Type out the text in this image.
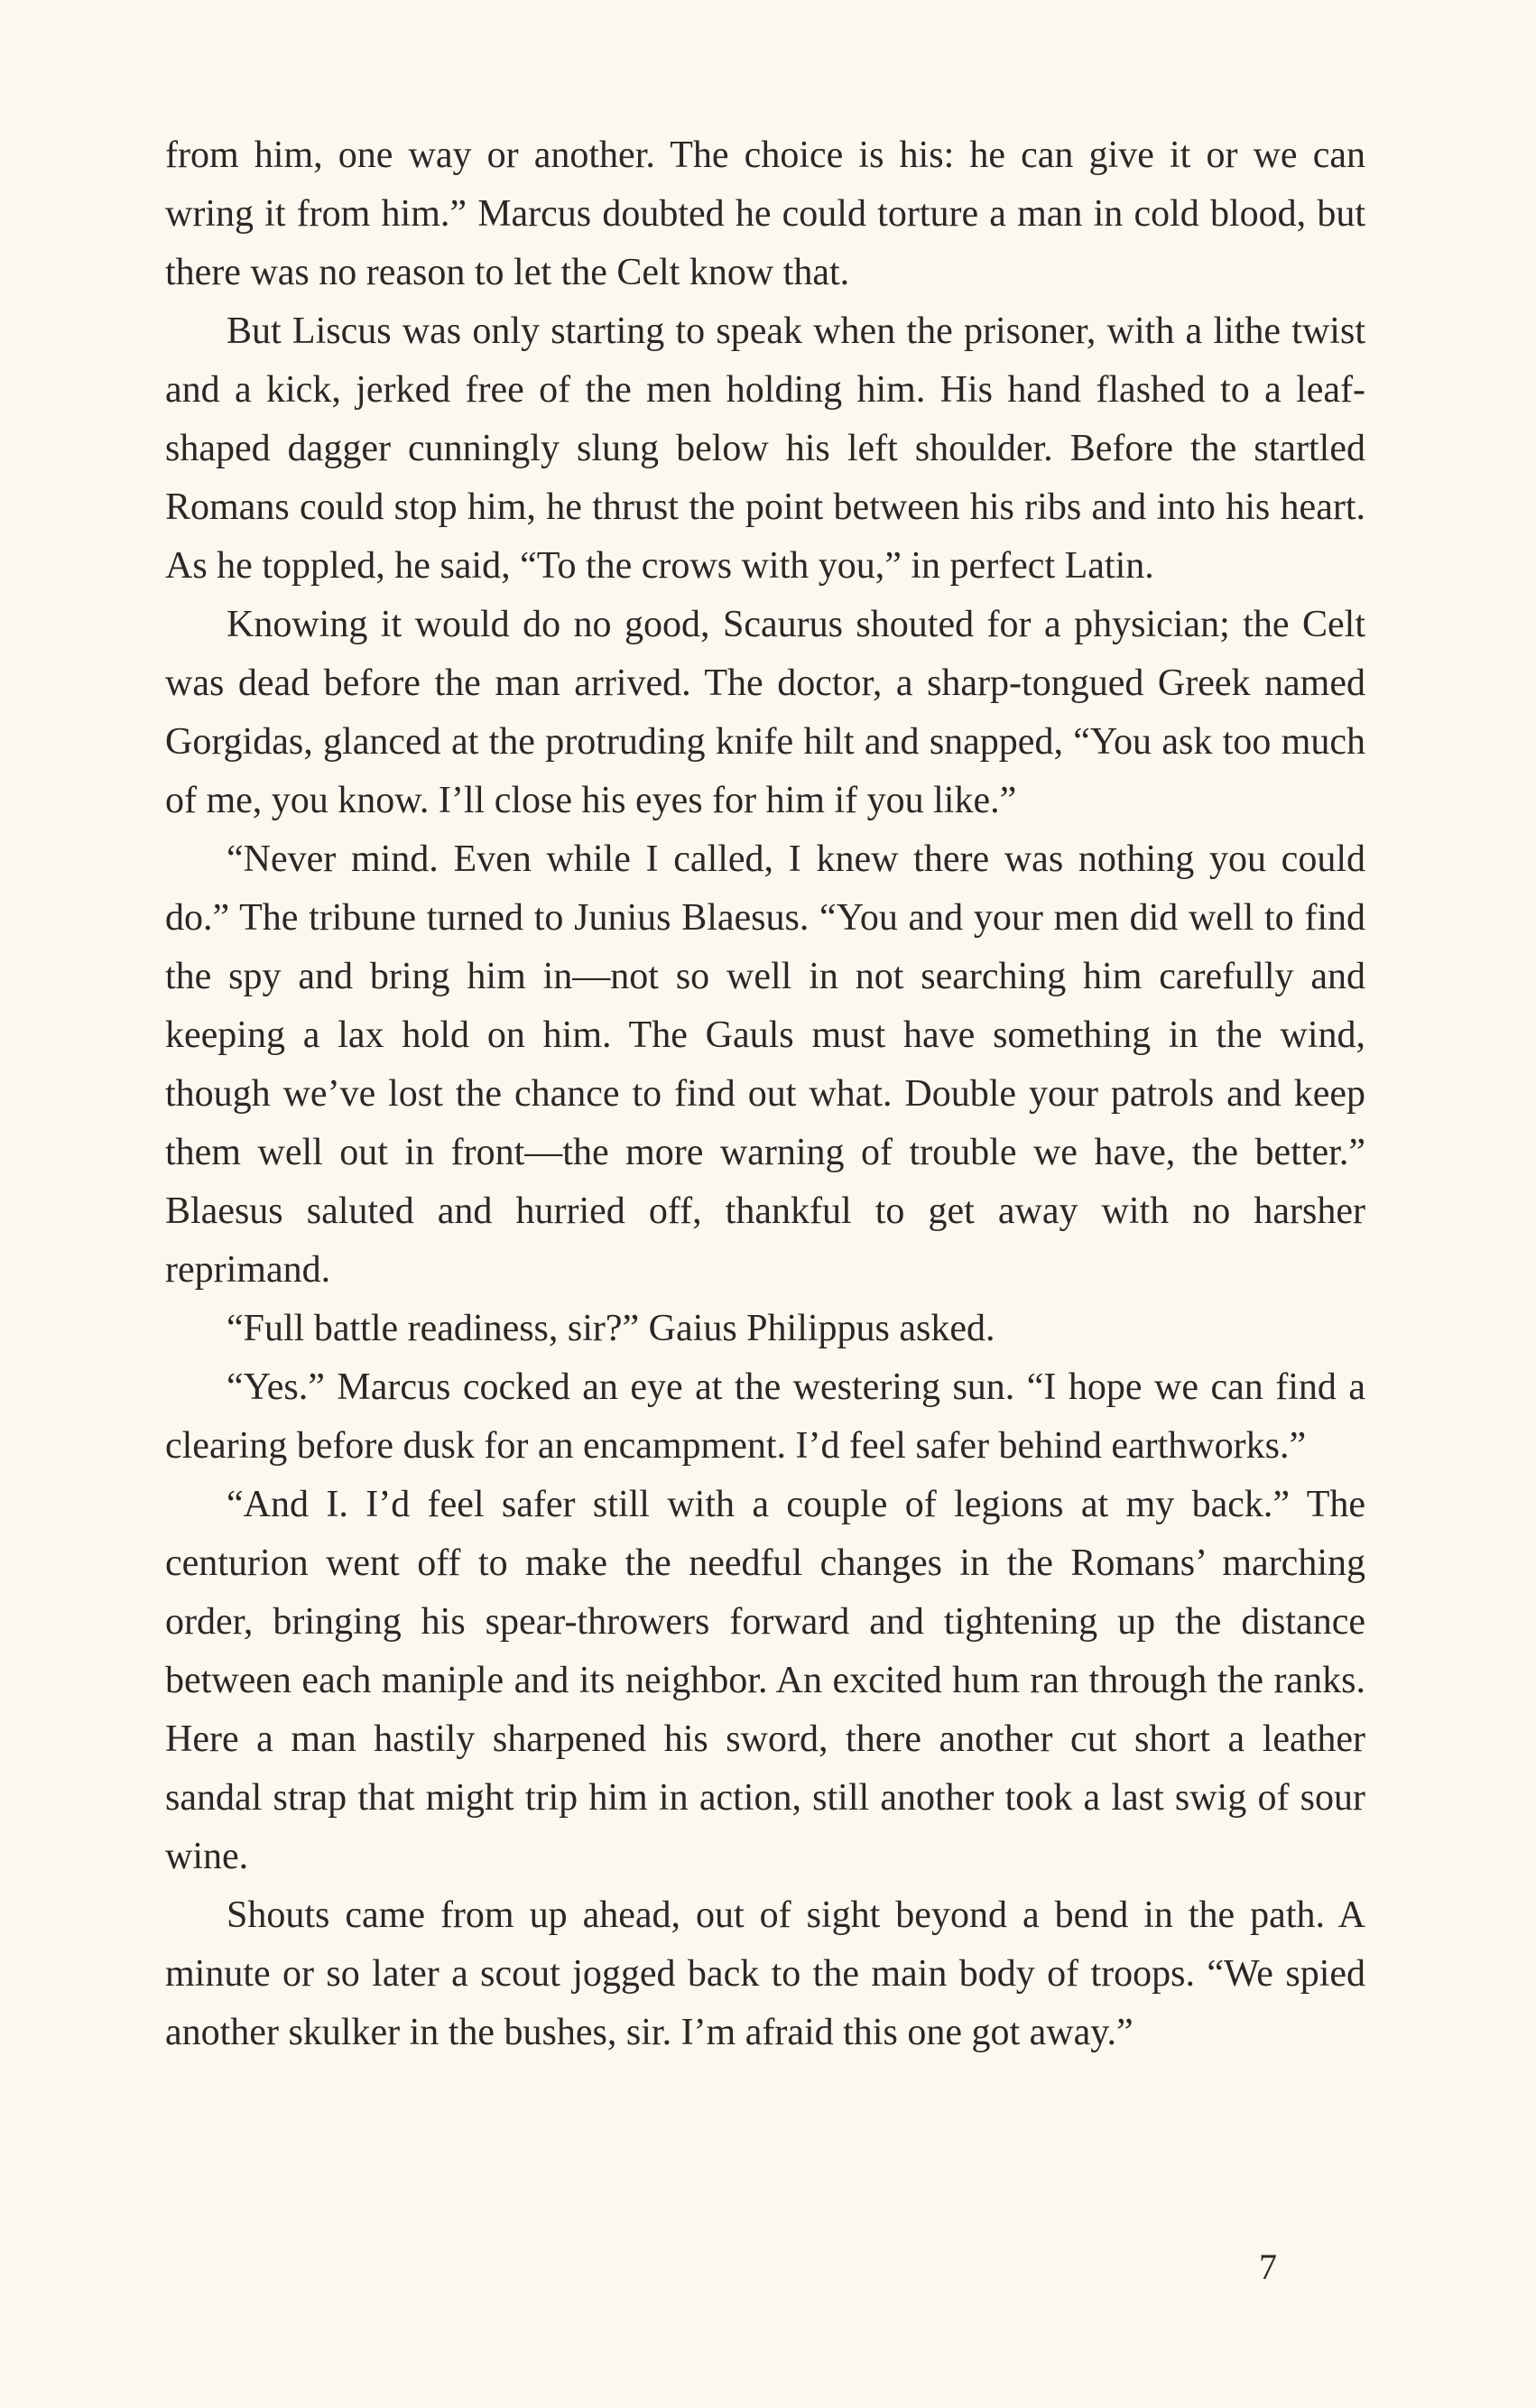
from him, one way or another. The choice is his: he can give it or we can wring it from him.” Marcus doubted he could torture a man in cold blood, but there was no reason to let the Celt know that.

But Liscus was only starting to speak when the prisoner, with a lithe twist and a kick, jerked free of the men holding him. His hand flashed to a leaf-shaped dagger cunningly slung below his left shoulder. Before the startled Romans could stop him, he thrust the point between his ribs and into his heart. As he toppled, he said, “To the crows with you,” in perfect Latin.

Knowing it would do no good, Scaurus shouted for a physician; the Celt was dead before the man arrived. The doctor, a sharp-tongued Greek named Gorgidas, glanced at the protruding knife hilt and snapped, “You ask too much of me, you know. I’ll close his eyes for him if you like.”

“Never mind. Even while I called, I knew there was nothing you could do.” The tribune turned to Junius Blaesus. “You and your men did well to find the spy and bring him in—not so well in not searching him carefully and keeping a lax hold on him. The Gauls must have something in the wind, though we’ve lost the chance to find out what. Double your patrols and keep them well out in front—the more warning of trouble we have, the better.” Blaesus saluted and hurried off, thankful to get away with no harsher reprimand.

“Full battle readiness, sir?” Gaius Philippus asked.

“Yes.” Marcus cocked an eye at the westering sun. “I hope we can find a clearing before dusk for an encampment. I’d feel safer behind earthworks.”

“And I. I’d feel safer still with a couple of legions at my back.” The centurion went off to make the needful changes in the Romans’ marching order, bringing his spear-throwers forward and tightening up the distance between each maniple and its neighbor. An excited hum ran through the ranks. Here a man hastily sharpened his sword, there another cut short a leather sandal strap that might trip him in action, still another took a last swig of sour wine.

Shouts came from up ahead, out of sight beyond a bend in the path. A minute or so later a scout jogged back to the main body of troops. “We spied another skulker in the bushes, sir. I’m afraid this one got away.”

7
